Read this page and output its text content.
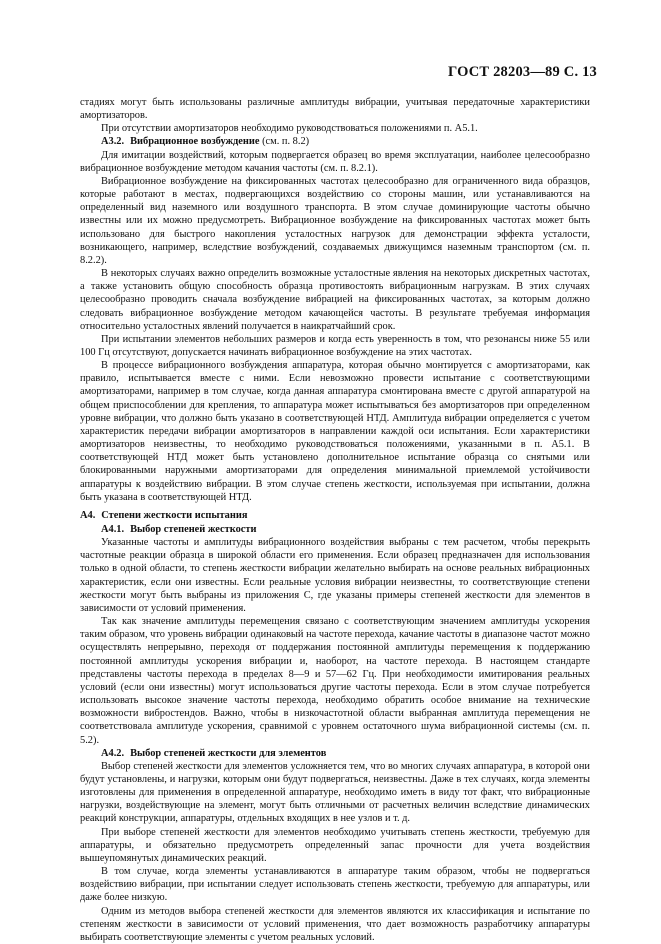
ГОСТ 28203—89 С. 13

стадиях могут быть использованы различные амплитуды вибрации, учитывая передаточные характеристики амортизаторов.

При отсутствии амортизаторов необходимо руководствоваться положениями п. А5.1.

А3.2. Вибрационное возбуждение (см. п. 8.2)

Для имитации воздействий, которым подвергается образец во время эксплуатации, наиболее целесообразно вибрационное возбуждение методом качания частоты (см. п. 8.2.1).

Вибрационное возбуждение на фиксированных частотах целесообразно для ограниченного вида образцов, которые работают в местах, подвергающихся воздействию со стороны машин, или устанавливаются на определенный вид наземного или воздушного транспорта. В этом случае доминирующие частоты обычно известны или их можно предусмотреть. Вибрационное возбуждение на фиксированных частотах может быть использовано для быстрого накопления усталостных нагрузок для демонстрации эффекта усталости, возникающего, например, вследствие возбуждений, создаваемых движущимся наземным транспортом (см. п. 8.2.2).

В некоторых случаях важно определить возможные усталостные явления на некоторых дискретных частотах, а также установить общую способность образца противостоять вибрационным нагрузкам. В этих случаях целесообразно проводить сначала возбуждение вибрацией на фиксированных частотах, за которым должно следовать вибрационное возбуждение методом качающейся частоты. В результате требуемая информация относительно усталостных явлений получается в наикратчайший срок.

При испытании элементов небольших размеров и когда есть уверенность в том, что резонансы ниже 55 или 100 Гц отсутствуют, допускается начинать вибрационное возбуждение на этих частотах.

В процессе вибрационного возбуждения аппаратура, которая обычно монтируется с амортизаторами, как правило, испытывается вместе с ними. Если невозможно провести испытание с соответствующими амортизаторами, например в том случае, когда данная аппаратура смонтирована вместе с другой аппаратурой на общем приспособлении для крепления, то аппаратура может испытываться без амортизаторов при определенном уровне вибрации, что должно быть указано в соответствующей НТД. Амплитуда вибрации определяется с учетом характеристик передачи вибрации амортизаторов в направлении каждой оси испытания. Если характеристики амортизаторов неизвестны, то необходимо руководствоваться положениями, указанными в п. А5.1. В соответствующей НТД может быть установлено дополнительное испытание образца со снятыми или блокированными наружными амортизаторами для определения минимальной приемлемой устойчивости аппаратуры к воздействию вибрации. В этом случае степень жесткости, используемая при испытании, должна быть указана в соответствующей НТД.

А4. Степени жесткости испытания
А4.1. Выбор степеней жесткости

Указанные частоты и амплитуды вибрационного воздействия выбраны с тем расчетом, чтобы перекрыть частотные реакции образца в широкой области его применения. Если образец предназначен для использования только в одной области, то степень жесткости вибрации желательно выбирать на основе реальных вибрационных характеристик, если они известны. Если реальные условия вибрации неизвестны, то соответствующие степени жесткости могут быть выбраны из приложения С, где указаны примеры степеней жесткости для элементов в зависимости от условий применения.

Так как значение амплитуды перемещения связано с соответствующим значением амплитуды ускорения таким образом, что уровень вибрации одинаковый на частоте перехода, качание частоты в диапазоне частот можно осуществлять непрерывно, переходя от поддержания постоянной амплитуды перемещения к поддержанию постоянной амплитуды ускорения вибрации и, наоборот, на частоте перехода. В настоящем стандарте представлены частоты перехода в пределах 8—9 и 57—62 Гц. При необходимости имитирования реальных условий (если они известны) могут использоваться другие частоты перехода. Если в этом случае потребуется использовать высокое значение частоты перехода, необходимо обратить особое внимание на технические возможности вибростендов. Важно, чтобы в низкочастотной области выбранная амплитуда перемещения не соответствовала амплитуде ускорения, сравнимой с уровнем остаточного шума вибрационной системы (см. п. 5.2).

А4.2. Выбор степеней жесткости для элементов

Выбор степеней жесткости для элементов усложняется тем, что во многих случаях аппаратура, в которой они будут установлены, и нагрузки, которым они будут подвергаться, неизвестны. Даже в тех случаях, когда элементы изготовлены для применения в определенной аппаратуре, необходимо иметь в виду тот факт, что вибрационные нагрузки, воздействующие на элемент, могут быть отличными от расчетных величин вследствие динамических реакций конструкции, аппаратуры, отдельных входящих в нее узлов и т. д.

При выборе степеней жесткости для элементов необходимо учитывать степень жесткости, требуемую для аппаратуры, и обязательно предусмотреть определенный запас прочности для учета воздействия вышеупомянутых динамических реакций.

В том случае, когда элементы устанавливаются в аппаратуре таким образом, чтобы не подвергаться воздействию вибрации, при испытании следует использовать степень жесткости, требуемую для аппаратуры, или даже более низкую.

Одним из методов выбора степеней жесткости для элементов являются их классификация и испытание по степеням жесткости в зависимости от условий применения, что дает возможность разработчику аппаратуры выбирать соответствующие элементы с учетом реальных условий.
